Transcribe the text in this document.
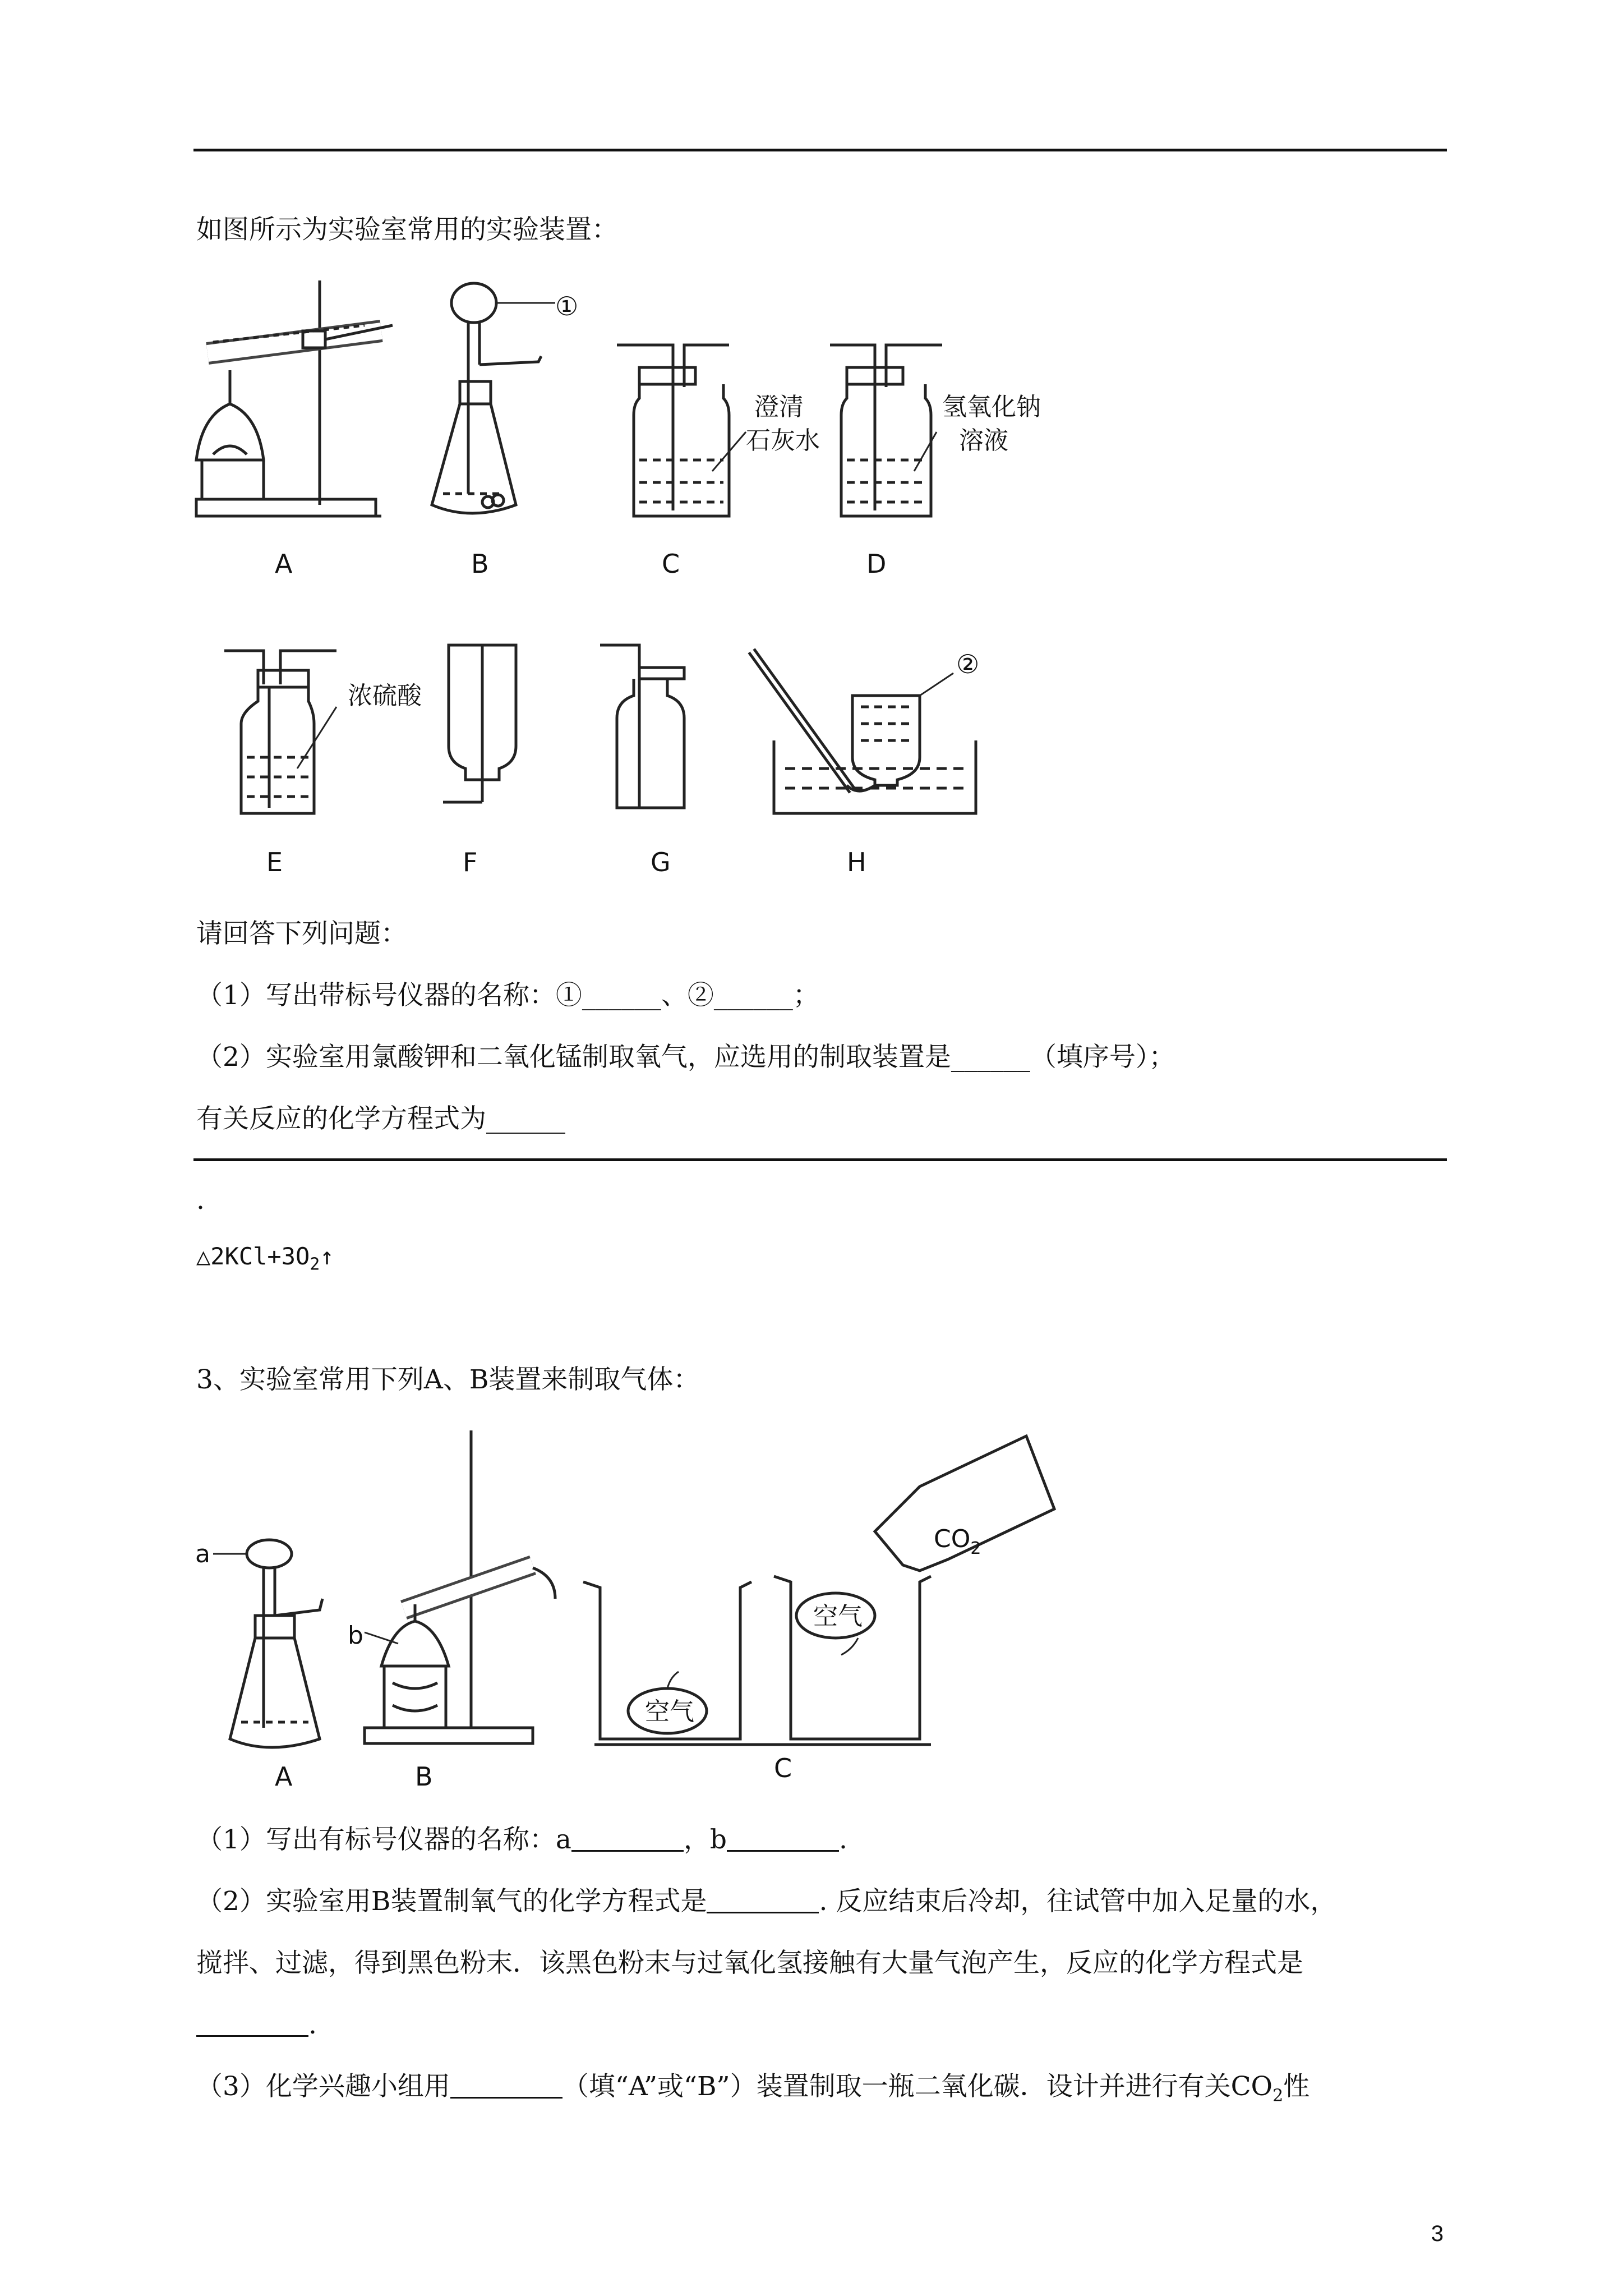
如图所示为实验室常用的实验装置：
①
澄清
石灰水
氢氧化钠
溶液
A	B	C	D
浓硫酸
②
E	F	G	H
请回答下列问题：
（1）写出带标号仪器的名称：①______、②______；
（2）实验室用氯酸钾和二氧化锰制取氧气，应选用的制取装置是______（填序号）；
有关反应的化学方程式为______
.
$\triangle 2KCl+3O_2↑$
3、实验室常用下列A、B装置来制取气体：
a
b
$CO_2$
空气
空气
A	B	C
（1）写出有标号仪器的名称：a	，b	.
（2）实验室用B装置制氧气的化学方程式是	. 反应结束后冷却，往试管中加入足量的水，
搅拌、过滤，得到黑色粉末．该黑色粉末与过氧化氢接触有大量气泡产生，反应的化学方程式是
.
（3）化学兴趣小组用	（填“A”或“B”）装置制取一瓶二氧化碳．设计并进行有关$CO_2$性
3
